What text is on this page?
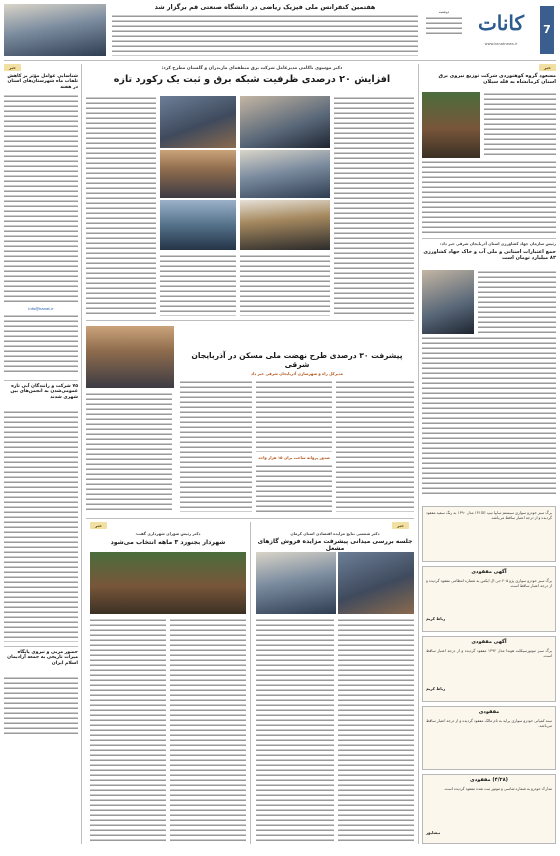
7
کانات
دوشنبه
www.kanatnews.ir
هفتمین کنفرانس ملی فیزیک ریاضی در دانشگاه صنعتی قم برگزار شد
خبر
شناسایی عوامل مؤثر بر کاهش تلفات ماه شهرستان‌های استان در هفته
info@kanat.ir
۷۵ شرکت و رانندگان آبی تازه عمومی‌شدن به انجمن‌های بین شهری شدند
حضور مربی و نیروی پایگاه میراث تاریخی به جمعه آزادیمان اسلام ایران
دکتر موسوی تاکامی مدیرعامل شرکت برق منطقه‌ای مازندران و گلستان مطرح کرد:
افزایش ۲۰ درصدی ظرفیت شبکه برق و ثبت یک رکورد تازه
پیشرفت ۳۰ درصدی طرح نهضت ملی مسکن در آذربایجان شرقی
مدیرکل راه و شهرسازی آذربایجان شرقی خبر داد
صدور پروانه ساخت برای ۱۵ هزار واحد
خبر
دکتر رئیس شورای شهرداری گفت:
شهردار بجنورد ۳ ماهه انتخاب می‌شود
خبر
دکتر شمسی نتایج مزایده اقتصادی استان کرمان
جلسه بررسی میدانی پیشرفت مزایده فروش گازهای مشعل
خبر
مسعود گروه کوهنوردی شرکت توزیع نیروی برق استان کرمانشاه به قله سبلان
رئیس سازمان جهاد کشاورزی استان آذربایجان شرقی خبر داد:
جمع اعتبارات استانی و ملی آب و خاک جهاد کشاورزی ۸۳ میلیارد تومان است
برگ سبز خودرو سواری سیستم سایپا تیپ ۱۳۱SE مدل ۱۳۹۰ به رنگ سفید مفقود گردیده و از درجه اعتبار ساقط می‌باشد.
آگهی مفقودی
برگ سبز خودرو سواری پژو ۴۰۵ جی ال ایکس به شماره انتظامی مفقود گردیده و از درجه اعتبار ساقط است.
رباط کریم
آگهی مفقودی
برگ سبز موتورسیکلت هوندا مدل ۱۳۹۲ مفقود گردیده و از درجه اعتبار ساقط است.
رباط کریم
مفقودی
سند کمپانی خودرو سواری پراید به نام مالک مفقود گردیده و از درجه اعتبار ساقط می‌باشد.
(۴/۲۸) مفقودی
مدارک خودرو به شماره شاسی و موتور ثبت شده مفقود گردیده است.
نیشابور
